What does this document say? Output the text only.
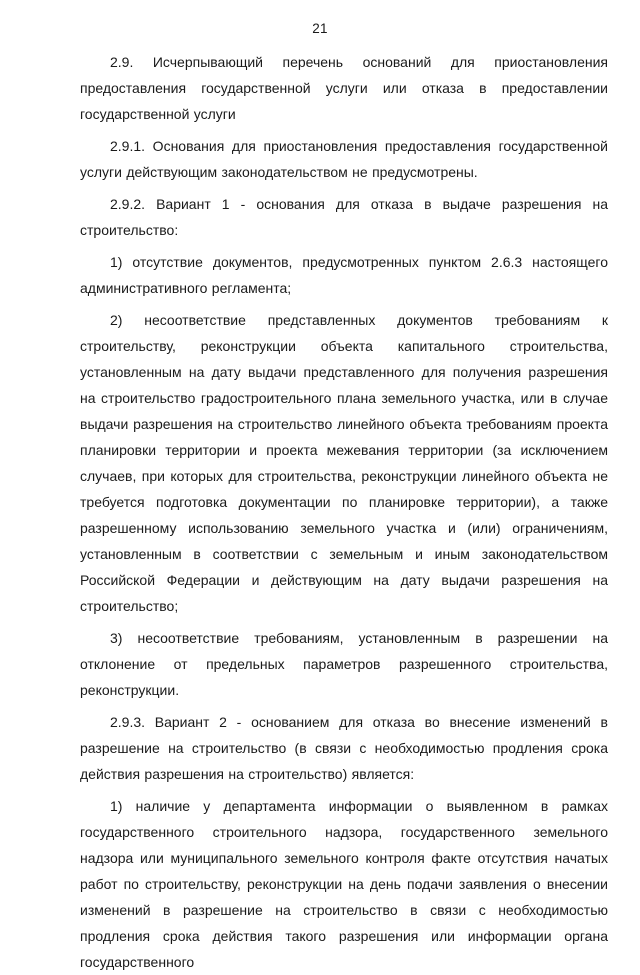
21

2.9. Исчерпывающий перечень оснований для приостановления предоставления государственной услуги или отказа в предоставлении государственной услуги

2.9.1. Основания для приостановления предоставления государственной услуги действующим законодательством не предусмотрены.

2.9.2. Вариант 1 - основания для отказа в выдаче разрешения на строительство:

1) отсутствие документов, предусмотренных пунктом 2.6.3 настоящего административного регламента;

2) несоответствие представленных документов требованиям к строительству, реконструкции объекта капитального строительства, установленным на дату выдачи представленного для получения разрешения на строительство градостроительного плана земельного участка, или в случае выдачи разрешения на строительство линейного объекта требованиям проекта планировки территории и проекта межевания территории (за исключением случаев, при которых для строительства, реконструкции линейного объекта не требуется подготовка документации по планировке территории), а также разрешенному использованию земельного участка и (или) ограничениям, установленным в соответствии с земельным и иным законодательством Российской Федерации и действующим на дату выдачи разрешения на строительство;

3) несоответствие требованиям, установленным в разрешении на отклонение от предельных параметров разрешенного строительства, реконструкции.

2.9.3. Вариант 2 - основанием для отказа во внесение изменений в разрешение на строительство (в связи с необходимостью продления срока действия разрешения на строительство) является:

1) наличие у департамента информации о выявленном в рамках государственного строительного надзора, государственного земельного надзора или муниципального земельного контроля факте отсутствия начатых работ по строительству, реконструкции на день подачи заявления о внесении изменений в разрешение на строительство в связи с необходимостью продления срока действия такого разрешения или информации органа государственного
